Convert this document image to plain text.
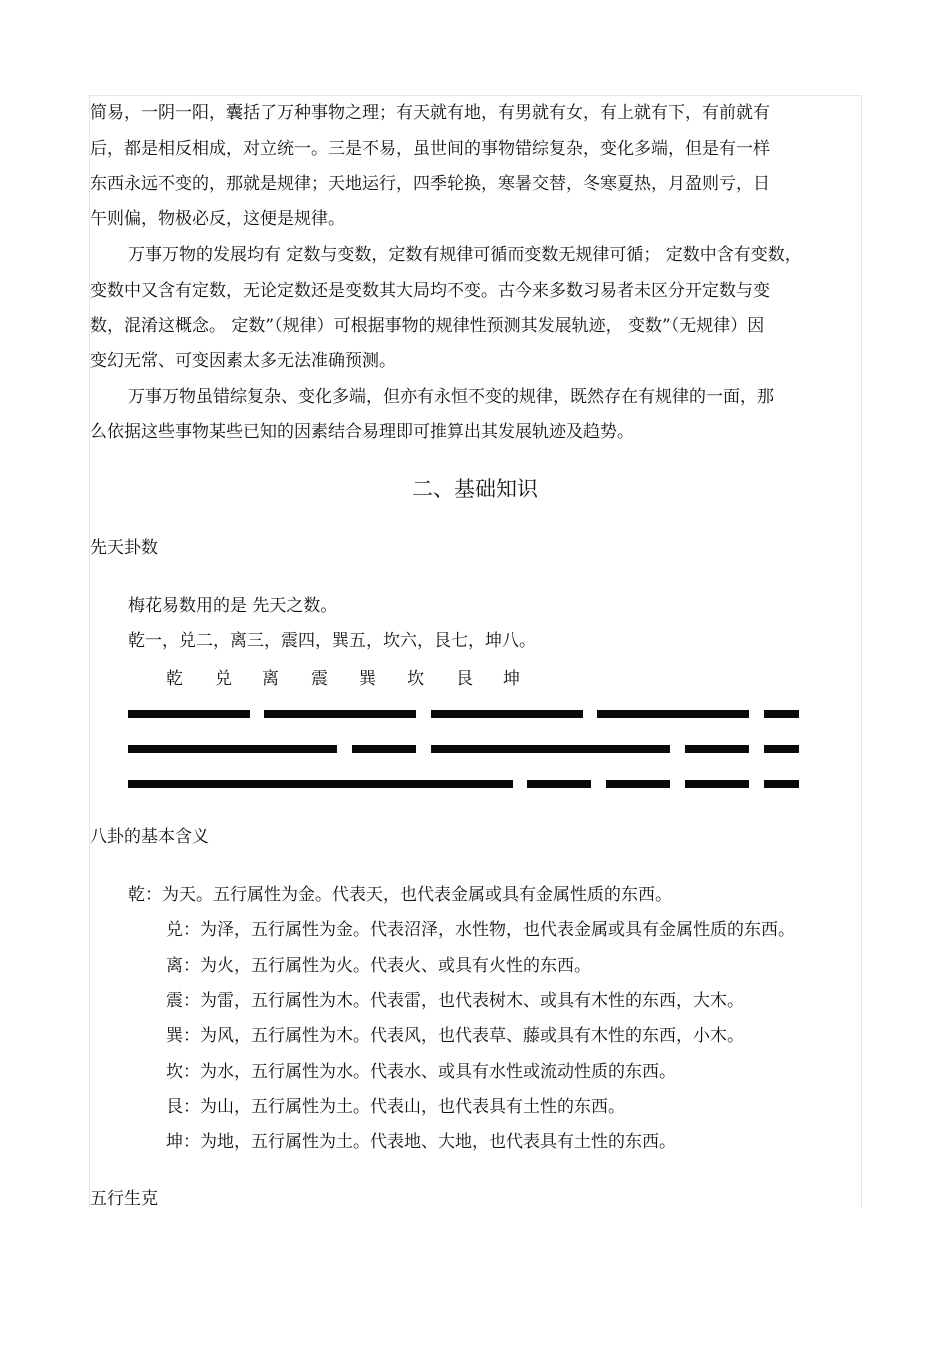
简易，一阴一阳，囊括了万种事物之理；有天就有地，有男就有女，有上就有下，有前就有
后，都是相反相成，对立统一。三是不易，虽世间的事物错综复杂，变化多端，但是有一样
东西永远不变的，那就是规律；天地运行，四季轮换，寒暑交替，冬寒夏热，月盈则亏，日
午则偏，物极必反，这便是规律。
万事万物的发展均有 定数与变数，定数有规律可循而变数无规律可循； 定数中含有变数，
变数中又含有定数，无论定数还是变数其大局均不变。古今来多数习易者未区分开定数与变
数，混淆这概念。 定数”（规律）可根据事物的规律性预测其发展轨迹， 变数”（无规律）因
变幻无常、可变因素太多无法准确预测。
万事万物虽错综复杂、变化多端，但亦有永恒不变的规律，既然存在有规律的一面，那
么依据这些事物某些已知的因素结合易理即可推算出其发展轨迹及趋势。
二、基础知识
先天卦数
梅花易数用的是 先天之数。
乾一，兑二，离三，震四，巽五，坎六，艮七，坤八。
乾 兑 离 震 巽 坎 艮 坤
八卦的基本含义
乾：为天。五行属性为金。代表天，也代表金属或具有金属性质的东西。
兑：为泽，五行属性为金。代表沼泽，水性物，也代表金属或具有金属性质的东西。
离：为火，五行属性为火。代表火、或具有火性的东西。
震：为雷，五行属性为木。代表雷，也代表树木、或具有木性的东西，大木。
巽：为风，五行属性为木。代表风，也代表草、藤或具有木性的东西，小木。
坎：为水，五行属性为水。代表水、或具有水性或流动性质的东西。
艮：为山，五行属性为土。代表山，也代表具有土性的东西。
坤：为地，五行属性为土。代表地、大地，也代表具有土性的东西。
五行生克
